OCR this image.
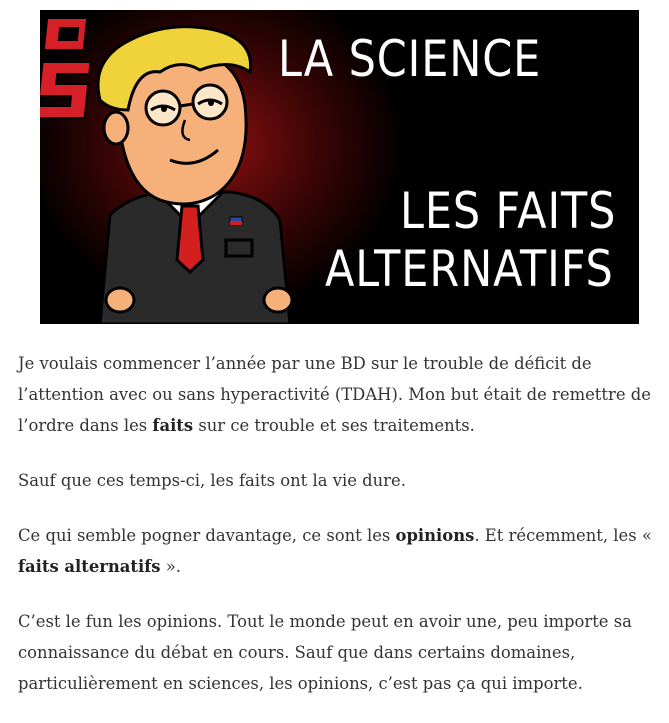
LA SCIENCE
LES FAITS
ALTERNATIFS

Je voulais commencer l’année par une BD sur le trouble de déficit de l’attention avec ou sans hyperactivité (TDAH). Mon but était de remettre de l’ordre dans les faits sur ce trouble et ses traitements.

Sauf que ces temps-ci, les faits ont la vie dure.

Ce qui semble pogner davantage, ce sont les opinions. Et récemment, les « faits alternatifs ».

C’est le fun les opinions. Tout le monde peut en avoir une, peu importe sa connaissance du débat en cours. Sauf que dans certains domaines, particulièrement en sciences, les opinions, c’est pas ça qui importe.
